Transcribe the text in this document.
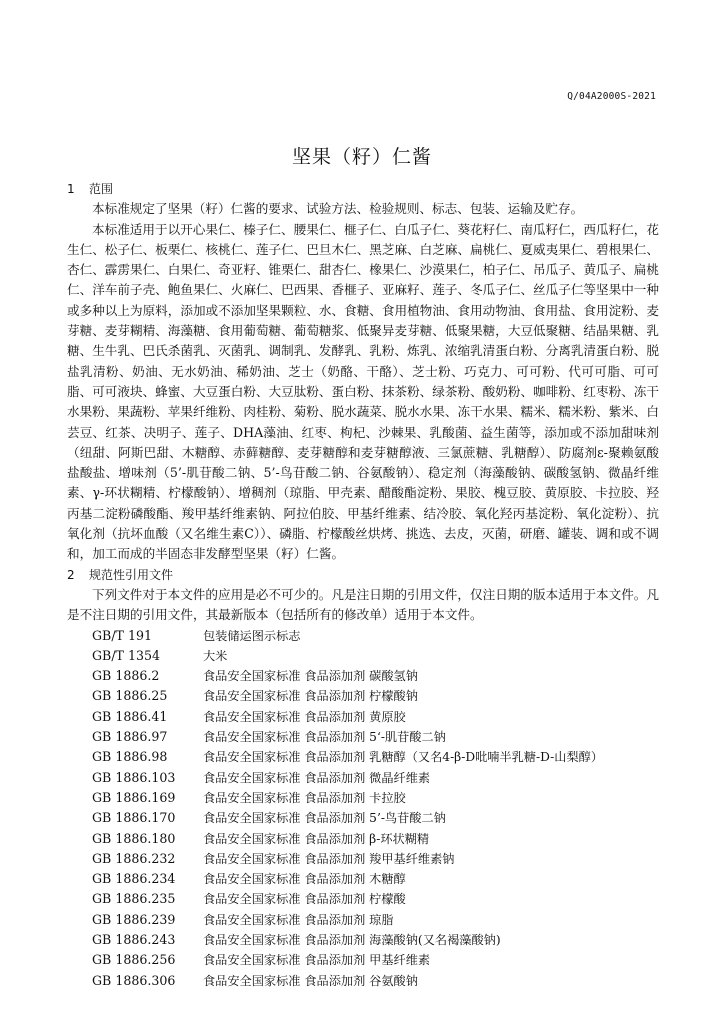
Q/04A2000S-2021
坚果（籽）仁酱
1 范围

本标准规定了坚果（籽）仁酱的要求、试验方法、检验规则、标志、包装、运输及贮存。

本标准适用于以开心果仁、榛子仁、腰果仁、榧子仁、白瓜子仁、葵花籽仁、南瓜籽仁，西瓜籽仁，花生仁、松子仁、板栗仁、核桃仁、莲子仁、巴旦木仁、黑芝麻、白芝麻、扁桃仁、夏威夷果仁、碧根果仁、杏仁、霹雳果仁、白果仁、奇亚籽、锥栗仁、甜杏仁、橡果仁、沙漠果仁，柏子仁、吊瓜子、黄瓜子、扁桃仁、洋车前子壳、鲍鱼果仁、火麻仁、巴西果、香榧子、亚麻籽、莲子、冬瓜子仁、丝瓜子仁等坚果中一种或多种以上为原料，添加或不添加坚果颗粒、水、食糖、食用植物油、食用动物油、食用盐、食用淀粉、麦芽糖、麦芽糊精、海藻糖、食用葡萄糖、葡萄糖浆、低聚异麦芽糖、低聚果糖，大豆低聚糖、结晶果糖、乳糖、生牛乳、巴氏杀菌乳、灭菌乳、调制乳、发酵乳、乳粉、炼乳、浓缩乳清蛋白粉、分离乳清蛋白粉、脱盐乳清粉、奶油、无水奶油、稀奶油、芝士（奶酪、干酪）、芝士粉、巧克力、可可粉、代可可脂、可可脂、可可液块、蜂蜜、大豆蛋白粉、大豆肽粉、蛋白粉、抹茶粉、绿茶粉、酸奶粉、咖啡粉、红枣粉、冻干水果粉、果蔬粉、苹果纤维粉、肉桂粉、菊粉、脱水蔬菜、脱水水果、冻干水果、糯米、糯米粉、紫米、白芸豆、红茶、决明子、莲子、DHA藻油、红枣、枸杞、沙棘果、乳酸菌、益生菌等，添加或不添加甜味剂（纽甜、阿斯巴甜、木糖醇、赤藓糖醇、麦芽糖醇和麦芽糖醇液、三氯蔗糖、乳糖醇）、防腐剂ε-聚赖氨酸盐酸盐、增味剂（5’-肌苷酸二钠、5’-鸟苷酸二钠、谷氨酸钠）、稳定剂（海藻酸钠、碳酸氢钠、微晶纤维素、γ-环状糊精、柠檬酸钠）、增稠剂（琼脂、甲壳素、醋酸酯淀粉、果胶、槐豆胶、黄原胶、卡拉胶、羟丙基二淀粉磷酸酯、羧甲基纤维素钠、阿拉伯胶、甲基纤维素、结冷胶、氧化羟丙基淀粉、氧化淀粉）、抗氧化剂（抗坏血酸（又名维生素C））、磷脂、柠檬酸丝烘烤、挑选、去皮，灭菌，研磨、罐装、调和或不调和，加工而成的半固态非发酵型坚果（籽）仁酱。

2 规范性引用文件

下列文件对于本文件的应用是必不可少的。凡是注日期的引用文件，仅注日期的版本适用于本文件。凡是不注日期的引用文件，其最新版本（包括所有的修改单）适用于本文件。

GB/T 191	包装储运图示标志
GB/T 1354	大米
GB 1886.2	食品安全国家标准 食品添加剂 碳酸氢钠
GB 1886.25	食品安全国家标准 食品添加剂 柠檬酸钠
GB 1886.41	食品安全国家标准 食品添加剂 黄原胶
GB 1886.97	食品安全国家标准 食品添加剂 5‘-肌苷酸二钠
GB 1886.98	食品安全国家标准 食品添加剂 乳糖醇（又名4-β-D吡喃半乳糖-D-山梨醇）
GB 1886.103	食品安全国家标准 食品添加剂 微晶纤维素
GB 1886.169	食品安全国家标准 食品添加剂 卡拉胶
GB 1886.170	食品安全国家标准 食品添加剂 5’-鸟苷酸二钠
GB 1886.180	食品安全国家标准 食品添加剂 β-环状糊精
GB 1886.232	食品安全国家标准 食品添加剂 羧甲基纤维素钠
GB 1886.234	食品安全国家标准 食品添加剂 木糖醇
GB 1886.235	食品安全国家标准 食品添加剂 柠檬酸
GB 1886.239	食品安全国家标准 食品添加剂 琼脂
GB 1886.243	食品安全国家标准 食品添加剂 海藻酸钠(又名褐藻酸钠)
GB 1886.256	食品安全国家标准 食品添加剂 甲基纤维素
GB 1886.306	食品安全国家标准 食品添加剂 谷氨酸钠
